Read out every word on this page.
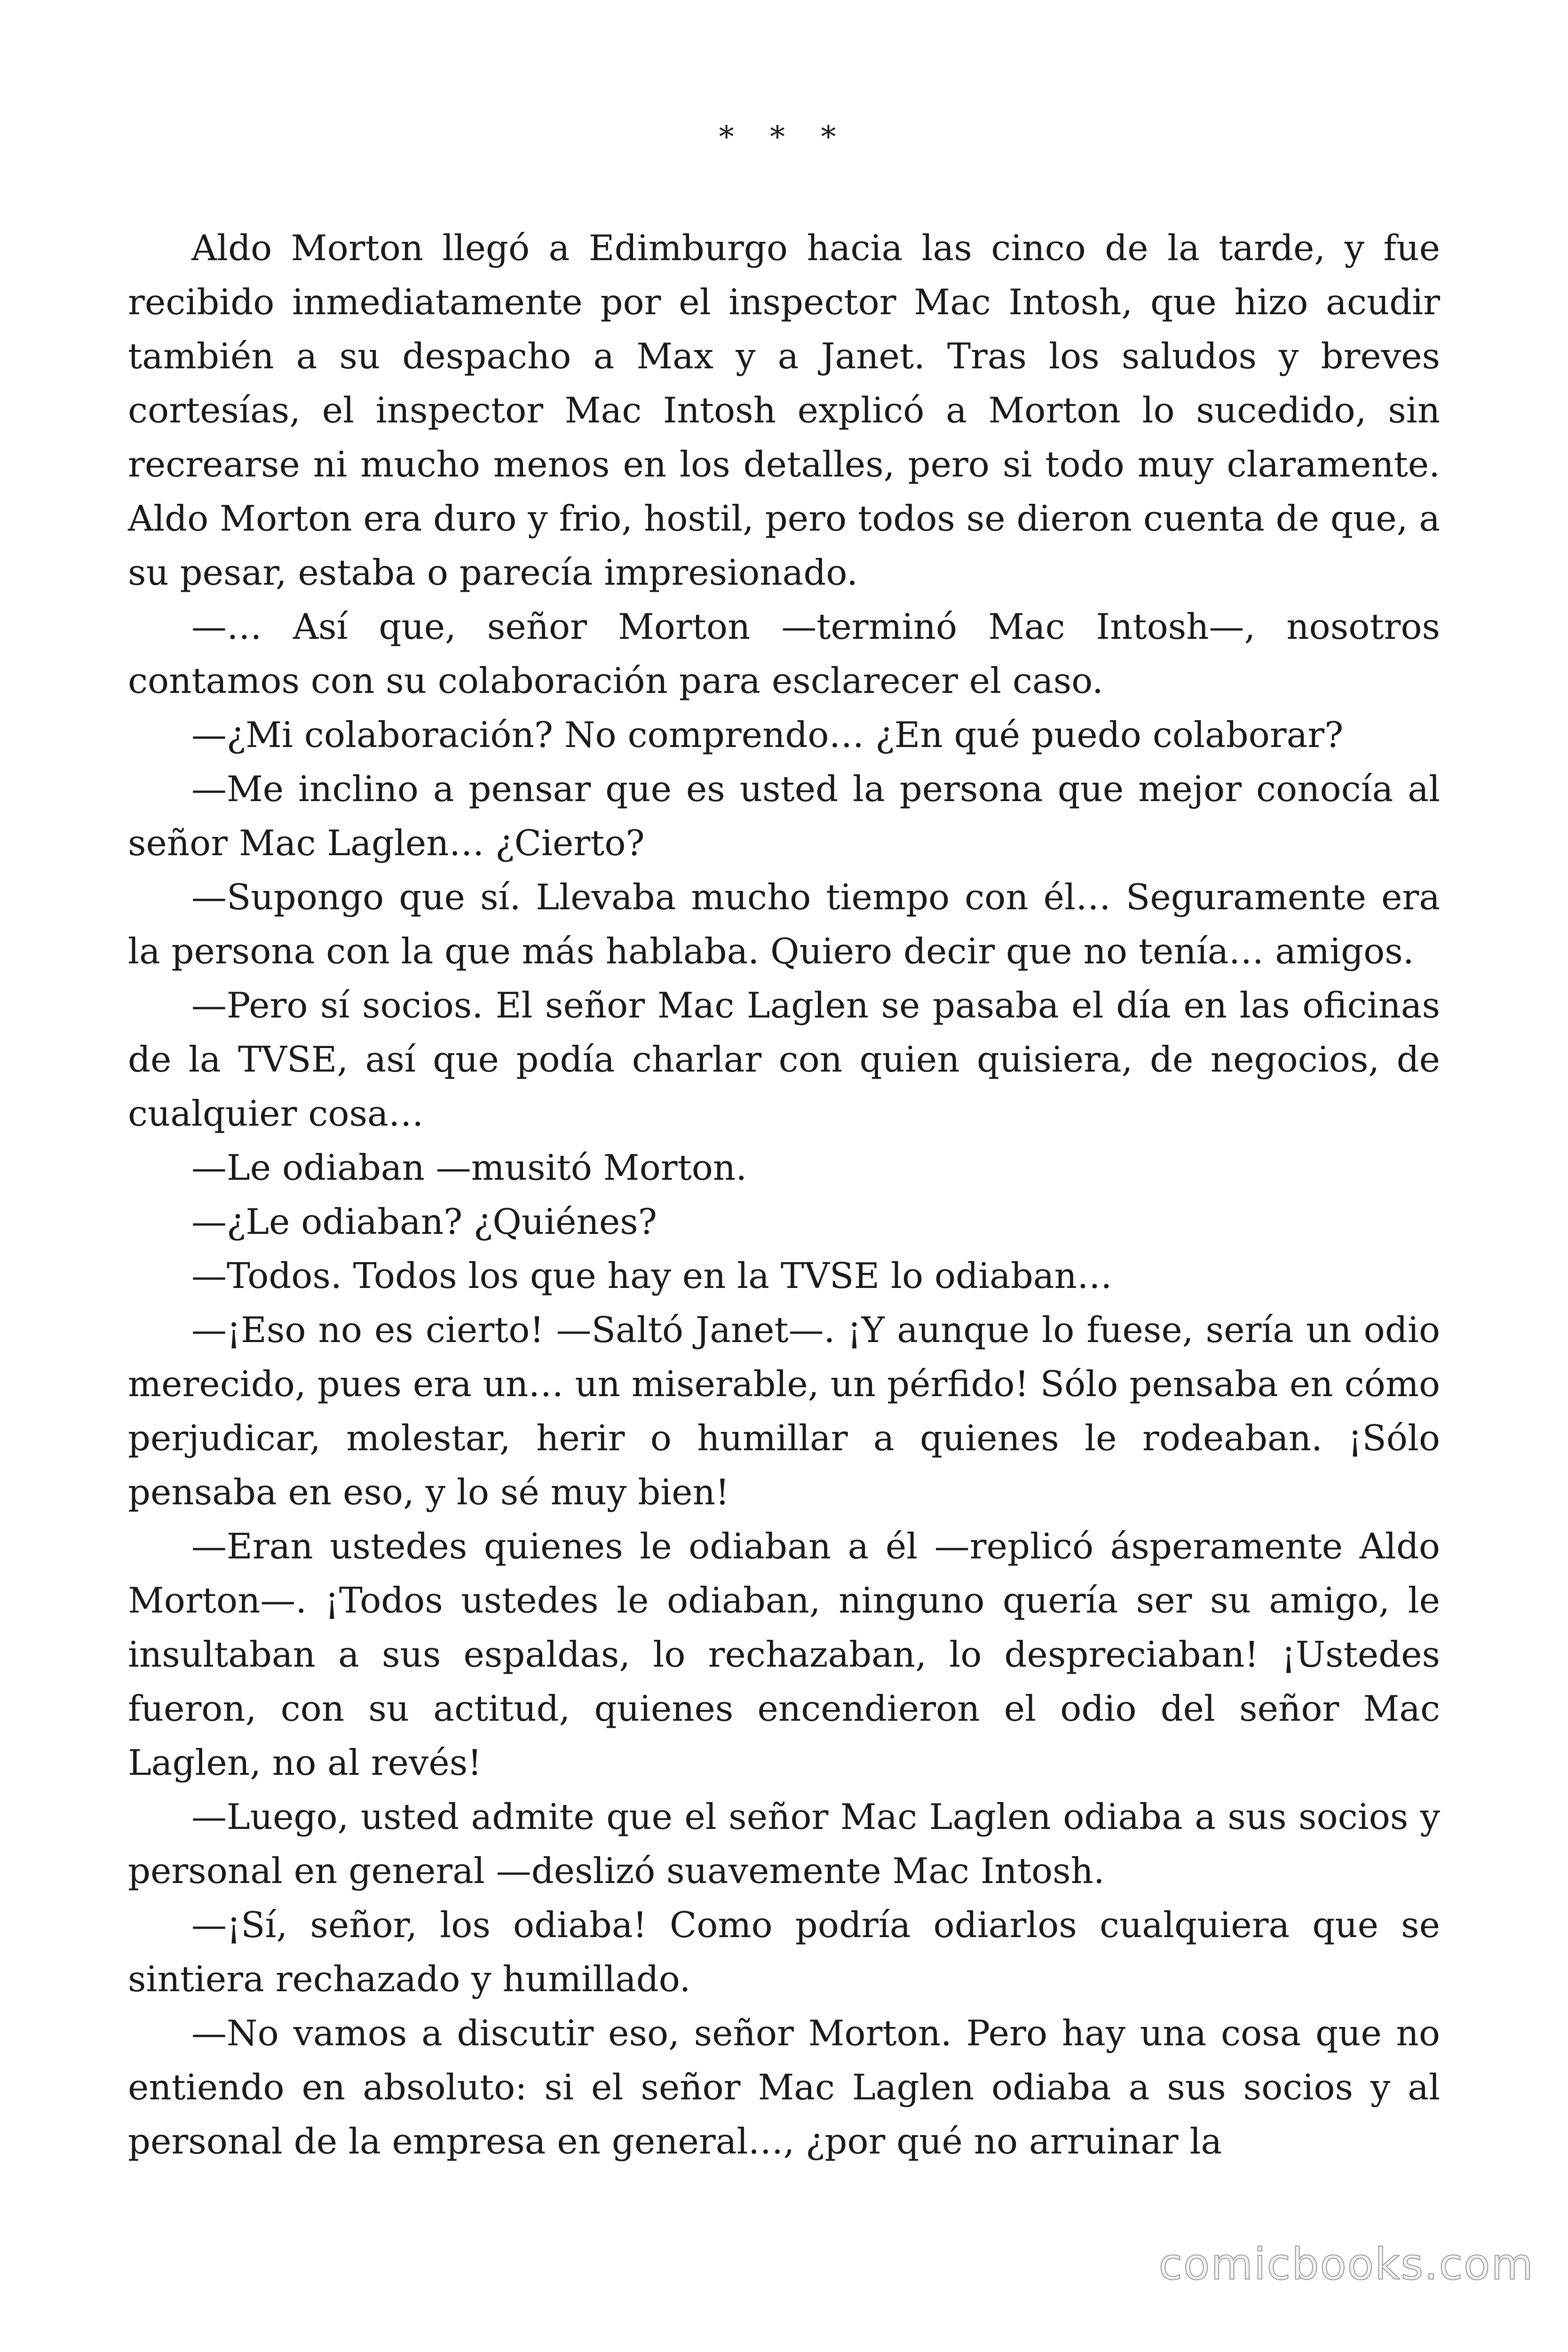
* * *

Aldo Morton llegó a Edimburgo hacia las cinco de la tarde, y fue recibido inmediatamente por el inspector Mac Intosh, que hizo acudir también a su despacho a Max y a Janet. Tras los saludos y breves cortesías, el inspector Mac Intosh explicó a Morton lo sucedido, sin recrearse ni mucho menos en los detalles, pero si todo muy claramente. Aldo Morton era duro y frio, hostil, pero todos se dieron cuenta de que, a su pesar, estaba o parecía impresionado.

—… Así que, señor Morton —terminó Mac Intosh—, nosotros contamos con su colaboración para esclarecer el caso.

—¿Mi colaboración? No comprendo… ¿En qué puedo colaborar?

—Me inclino a pensar que es usted la persona que mejor conocía al señor Mac Laglen… ¿Cierto?

—Supongo que sí. Llevaba mucho tiempo con él… Seguramente era la persona con la que más hablaba. Quiero decir que no tenía… amigos.

—Pero sí socios. El señor Mac Laglen se pasaba el día en las oficinas de la TVSE, así que podía charlar con quien quisiera, de negocios, de cualquier cosa…

—Le odiaban —musitó Morton.

—¿Le odiaban? ¿Quiénes?

—Todos. Todos los que hay en la TVSE lo odiaban…

—¡Eso no es cierto! —Saltó Janet—. ¡Y aunque lo fuese, sería un odio merecido, pues era un… un miserable, un pérfido! Sólo pensaba en cómo perjudicar, molestar, herir o humillar a quienes le rodeaban. ¡Sólo pensaba en eso, y lo sé muy bien!

—Eran ustedes quienes le odiaban a él —replicó ásperamente Aldo Morton—. ¡Todos ustedes le odiaban, ninguno quería ser su amigo, le insultaban a sus espaldas, lo rechazaban, lo despreciaban! ¡Ustedes fueron, con su actitud, quienes encendieron el odio del señor Mac Laglen, no al revés!

—Luego, usted admite que el señor Mac Laglen odiaba a sus socios y personal en general —deslizó suavemente Mac Intosh.

—¡Sí, señor, los odiaba! Como podría odiarlos cualquiera que se sintiera rechazado y humillado.

—No vamos a discutir eso, señor Morton. Pero hay una cosa que no entiendo en absoluto: si el señor Mac Laglen odiaba a sus socios y al personal de la empresa en general…, ¿por qué no arruinar la

comicbooks.com
